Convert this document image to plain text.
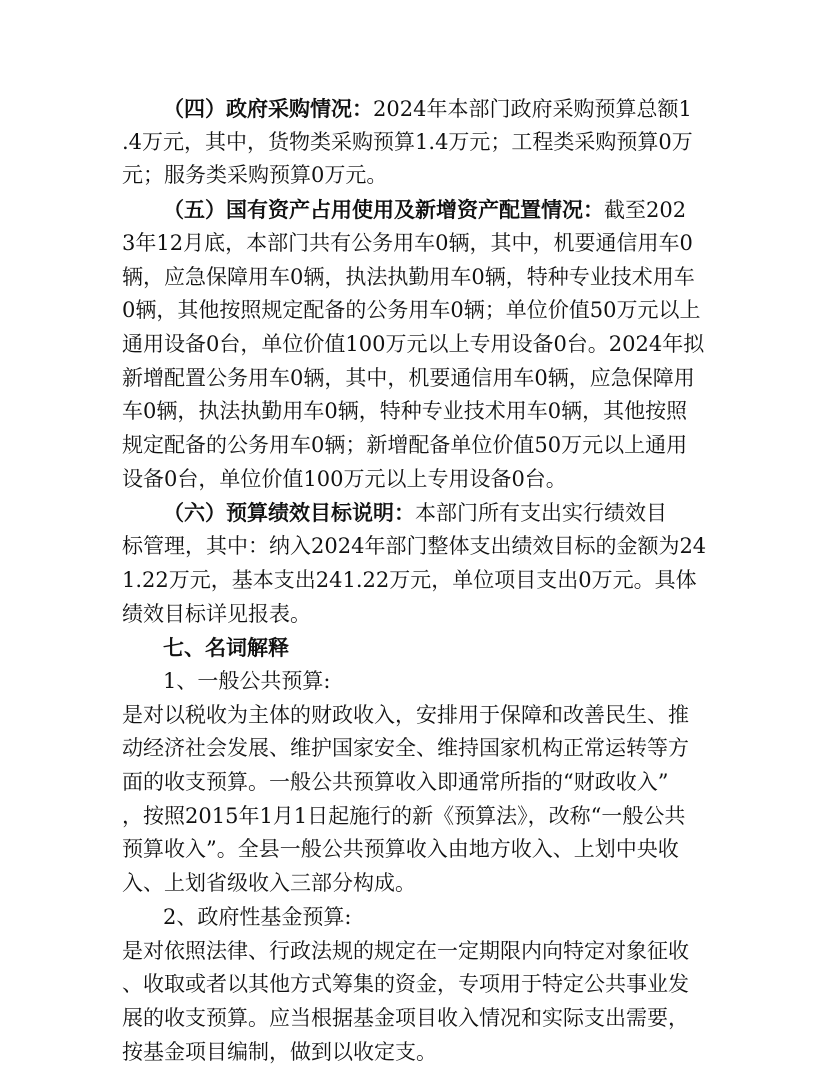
（四）政府采购情况：2024年本部门政府采购预算总额1
.4万元，其中，货物类采购预算1.4万元；工程类采购预算0万
元；服务类采购预算0万元。
（五）国有资产占用使用及新增资产配置情况：截至202
3年12月底，本部门共有公务用车0辆，其中，机要通信用车0
辆，应急保障用车0辆，执法执勤用车0辆，特种专业技术用车
0辆，其他按照规定配备的公务用车0辆；单位价值50万元以上
通用设备0台，单位价值100万元以上专用设备0台。2024年拟
新增配置公务用车0辆，其中，机要通信用车0辆，应急保障用
车0辆，执法执勤用车0辆，特种专业技术用车0辆，其他按照
规定配备的公务用车0辆；新增配备单位价值50万元以上通用
设备0台，单位价值100万元以上专用设备0台。
（六）预算绩效目标说明：本部门所有支出实行绩效目
标管理，其中：纳入2024年部门整体支出绩效目标的金额为24
1.22万元，基本支出241.22万元，单位项目支出0万元。具体
绩效目标详见报表。
七、名词解释
1、一般公共预算:
是对以税收为主体的财政收入，安排用于保障和改善民生、推
动经济社会发展、维护国家安全、维持国家机构正常运转等方
面的收支预算。一般公共预算收入即通常所指的“财政收入”
，按照2015年1月1日起施行的新《预算法》，改称“一般公共
预算收入”。全县一般公共预算收入由地方收入、上划中央收
入、上划省级收入三部分构成。
2、政府性基金预算:
是对依照法律、行政法规的规定在一定期限内向特定对象征收
、收取或者以其他方式筹集的资金，专项用于特定公共事业发
展的收支预算。应当根据基金项目收入情况和实际支出需要，
按基金项目编制，做到以收定支。
